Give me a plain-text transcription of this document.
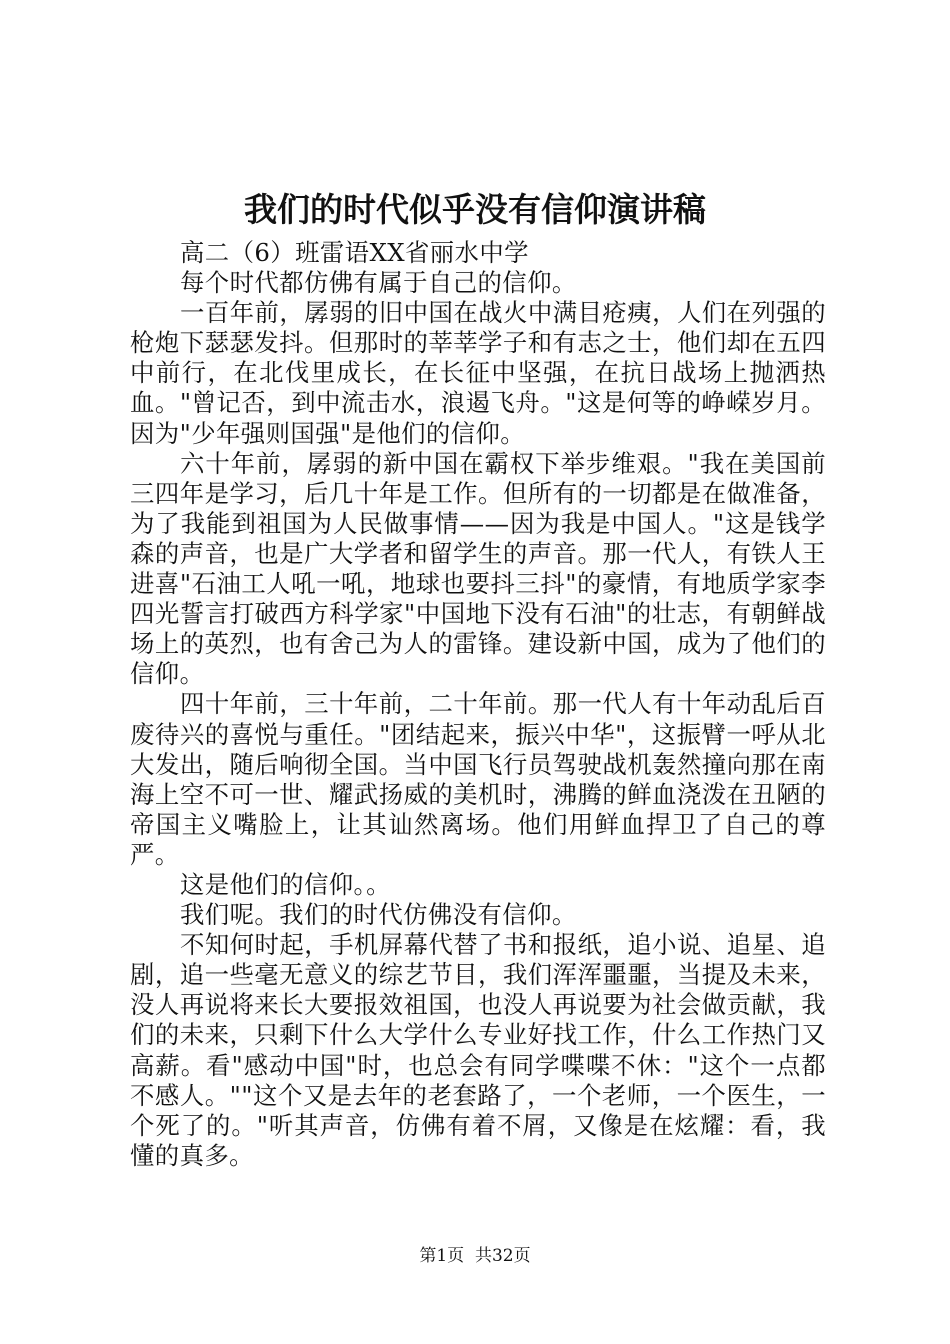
我们的时代似乎没有信仰演讲稿

高二（6）班雷语XX省丽水中学

每个时代都仿佛有属于自己的信仰。

一百年前，孱弱的旧中国在战火中满目疮痍，人们在列强的枪炮下瑟瑟发抖。但那时的莘莘学子和有志之士，他们却在五四中前行，在北伐里成长，在长征中坚强，在抗日战场上抛洒热血。"曾记否，到中流击水，浪遏飞舟。"这是何等的峥嵘岁月。因为"少年强则国强"是他们的信仰。

六十年前，孱弱的新中国在霸权下举步维艰。"我在美国前三四年是学习，后几十年是工作。但所有的一切都是在做准备，为了我能到祖国为人民做事情——因为我是中国人。"这是钱学森的声音，也是广大学者和留学生的声音。那一代人，有铁人王进喜"石油工人吼一吼，地球也要抖三抖"的豪情，有地质学家李四光誓言打破西方科学家"中国地下没有石油"的壮志，有朝鲜战场上的英烈，也有舍己为人的雷锋。建设新中国，成为了他们的信仰。

四十年前，三十年前，二十年前。那一代人有十年动乱后百废待兴的喜悦与重任。"团结起来，振兴中华"，这振臂一呼从北大发出，随后响彻全国。当中国飞行员驾驶战机轰然撞向那在南海上空不可一世、耀武扬威的美机时，沸腾的鲜血浇泼在丑陋的帝国主义嘴脸上，让其讪然离场。他们用鲜血捍卫了自己的尊严。

这是他们的信仰。。

我们呢。我们的时代仿佛没有信仰。

不知何时起，手机屏幕代替了书和报纸，追小说、追星、追剧，追一些毫无意义的综艺节目，我们浑浑噩噩，当提及未来，没人再说将来长大要报效祖国，也没人再说要为社会做贡献，我们的未来，只剩下什么大学什么专业好找工作，什么工作热门又高薪。看"感动中国"时，也总会有同学喋喋不休："这个一点都不感人。""这个又是去年的老套路了，一个老师，一个医生，一个死了的。"听其声音，仿佛有着不屑，又像是在炫耀：看，我懂的真多。

第1页  共32页
